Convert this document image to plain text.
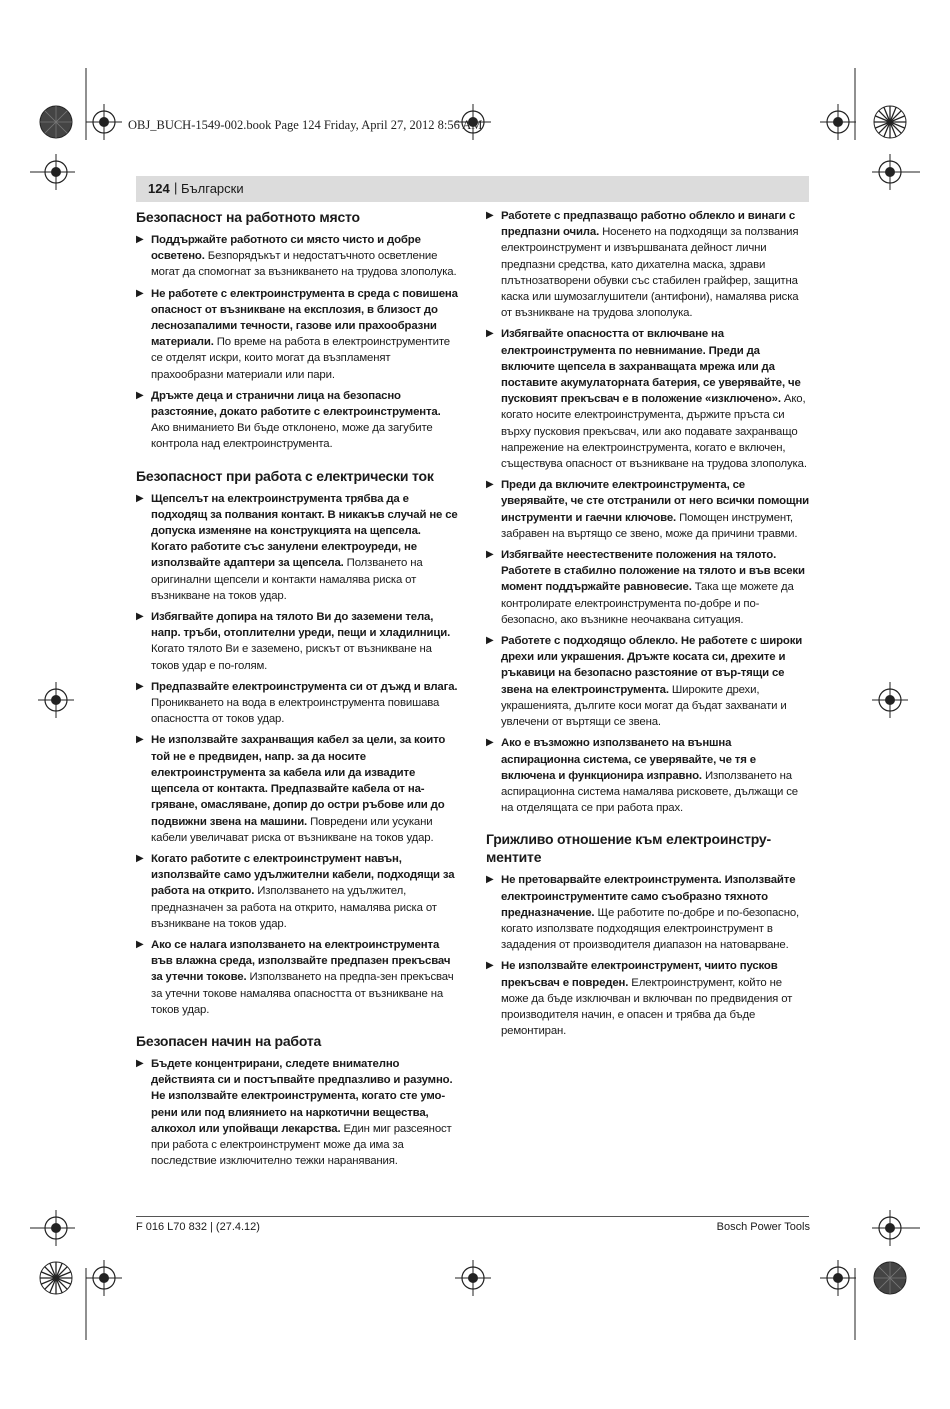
OBJ_BUCH-1549-002.book Page 124 Friday, April 27, 2012 8:56 AM
124 | Български
Безопасност на работното място
▶ Поддържайте работното си място чисто и добре осветено. Безпорядъкът и недостатъчното осветление могат да спомогнат за възникването на трудова злополука.
▶ Не работете с електроинструмента в среда с повишена опасност от възникване на експлозия, в близост до леснозапалими течности, газове или прахообразни материали. По време на работа в електроинструментите се отделят искри, които могат да възпламенят прахообразни материали или пари.
▶ Дръжте деца и странични лица на безопасно разстояние, докато работите с електроинструмента. Ако вниманието Ви бъде отклонено, може да загубите контрола над електроинструмента.
Безопасност при работа с електрически ток
▶ Щепселът на електроинструмента трябва да е подходящ за полвания контакт. В никакъв случай не се допуска изменяне на конструкцията на щепсела. Когато работите със занулени електроуреди, не използвайте адаптери за щепсела. Ползването на оригинални щепсели и контакти намалява риска от възникване на токов удар.
▶ Избягвайте допира на тялото Ви до заземени тела, напр. тръби, отоплителни уреди, пещи и хладилници. Когато тялото Ви е заземено, рискът от възникване на токов удар е по-голям.
▶ Предпазвайте електроинструмента си от дъжд и влага. Проникването на вода в електроинструмента повишава опасността от токов удар.
▶ Не използвайте захранващия кабел за цели, за които той не е предвиден, напр. за да носите електроинструмента за кабела или да извадите щепсела от контакта. Предпазвайте кабела от на-гряване, омасляване, допир до остри ръбове или до подвижни звена на машини. Повредени или усукани кабели увеличават риска от възникване на токов удар.
▶ Когато работите с електроинструмент навън, използвайте само удължителни кабели, подходящи за работа на открито. Използването на удължител, предназначен за работа на открито, намалява риска от възникване на токов удар.
▶ Ако се налага използването на електроинструмента във влажна среда, използвайте предпазен прекъсвач за утечни токове. Използването на предпа-зен прекъсвач за утечни токове намалява опасността от възникване на токов удар.
Безопасен начин на работа
▶ Бъдете концентрирани, следете внимателно действията си и постъпвайте предпазливо и разумно. Не използвайте електроинструмента, когато сте умо-рени или под влиянието на наркотични вещества, алкохол или упойващи лекарства. Един миг разсеяност при работа с електроинструмент може да има за последствие изключително тежки наранявания.
▶ Работете с предпазващо работно облекло и винаги с предпазни очила. Носенето на подходящи за ползвания електроинструмент и извършваната дейност лични предпазни средства, като дихателна маска, здрави плътнозатворени обувки със стабилен грайфер, защитна каска или шумозаглушители (антифони), намалява риска от възникване на трудова злополука.
▶ Избягвайте опасността от включване на електроинструмента по невнимание. Преди да включите щепсела в захранващата мрежа или да поставите акумулаторната батерия, се уверявайте, че пусковият прекъсвач е в положение «изключено». Ако, когато носите електроинструмента, държите пръста си върху пусковия прекъсвач, или ако подавате захранващо напрежение на електроинструмента, когато е включен, съществува опасност от възникване на трудова злополука.
▶ Преди да включите електроинструмента, се уверявайте, че сте отстранили от него всички помощни инструменти и гаечни ключове. Помощен инструмент, забравен на въртящо се звено, може да причини травми.
▶ Избягвайте неестествените положения на тялото. Работете в стабилно положение на тялото и във всеки момент поддържайте равновесие. Така ще можете да контролирате електроинструмента по-добре и по-безопасно, ако възникне неочаквана ситуация.
▶ Работете с подходящо облекло. Не работете с широки дрехи или украшения. Дръжте косата си, дрехите и ръкавици на безопасно разстояние от вър-тящи се звена на електроинструмента. Широките дрехи, украшенията, дългите коси могат да бъдат захванати и увлечени от въртящи се звена.
▶ Ако е възможно използването на външна аспирационна система, се уверявайте, че тя е включена и функционира изправно. Използването на аспирационна система намалява рисковете, дължащи се на отделящата се при работа прах.
Грижливо отношение към електроинстру-ментите
▶ Не претоварвайте електроинструмента. Използвайте електроинструментите само съобразно тяхното предназначение. Ще работите по-добре и по-безопасно, когато използвате подходящия електроинструмент в зададения от производителя диапазон на натоварване.
▶ Не използвайте електроинструмент, чиито пусков прекъсвач е повреден. Електроинструмент, който не може да бъде изключван и включван по предвидения от производителя начин, е опасен и трябва да бъде ремонтиран.
F 016 L70 832 | (27.4.12)	Bosch Power Tools
